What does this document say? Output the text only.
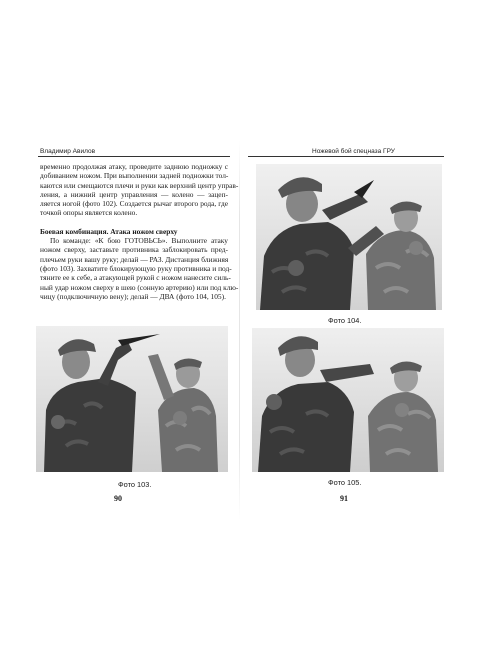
Владимир Авилов

временно продолжая атаку, проведите заднюю подножку с
добиванием ножом. При выполнении задней подножки тол-
каются или смещаются плечи и руки как верхний центр управ-
ления, а нижний центр управления — колено — зацеп-
ляется ногой (фото 102). Создается рычаг второго рода, где
точкой опоры является колено.

Боевая комбинация. Атака ножом сверху

По команде: «К бою ГОТОВЬСЬ». Выполните атаку
ножом сверху, заставьте противника заблокировать пред-
плечьем руки вашу руку; делай — РАЗ. Дистанция ближняя
(фото 103). Захватите блокирующую руку противника и под-
тяните ее к себе, а атакующей рукой с ножом нанесите силь-
ный удар ножом сверху в шею (сонную артерию) или под клю-
чицу (подключичную вену); делай — ДВА (фото 104, 105).

Фото 103.
90
Ножевой бой спецназа ГРУ
Фото 104.
Фото 105.
91
